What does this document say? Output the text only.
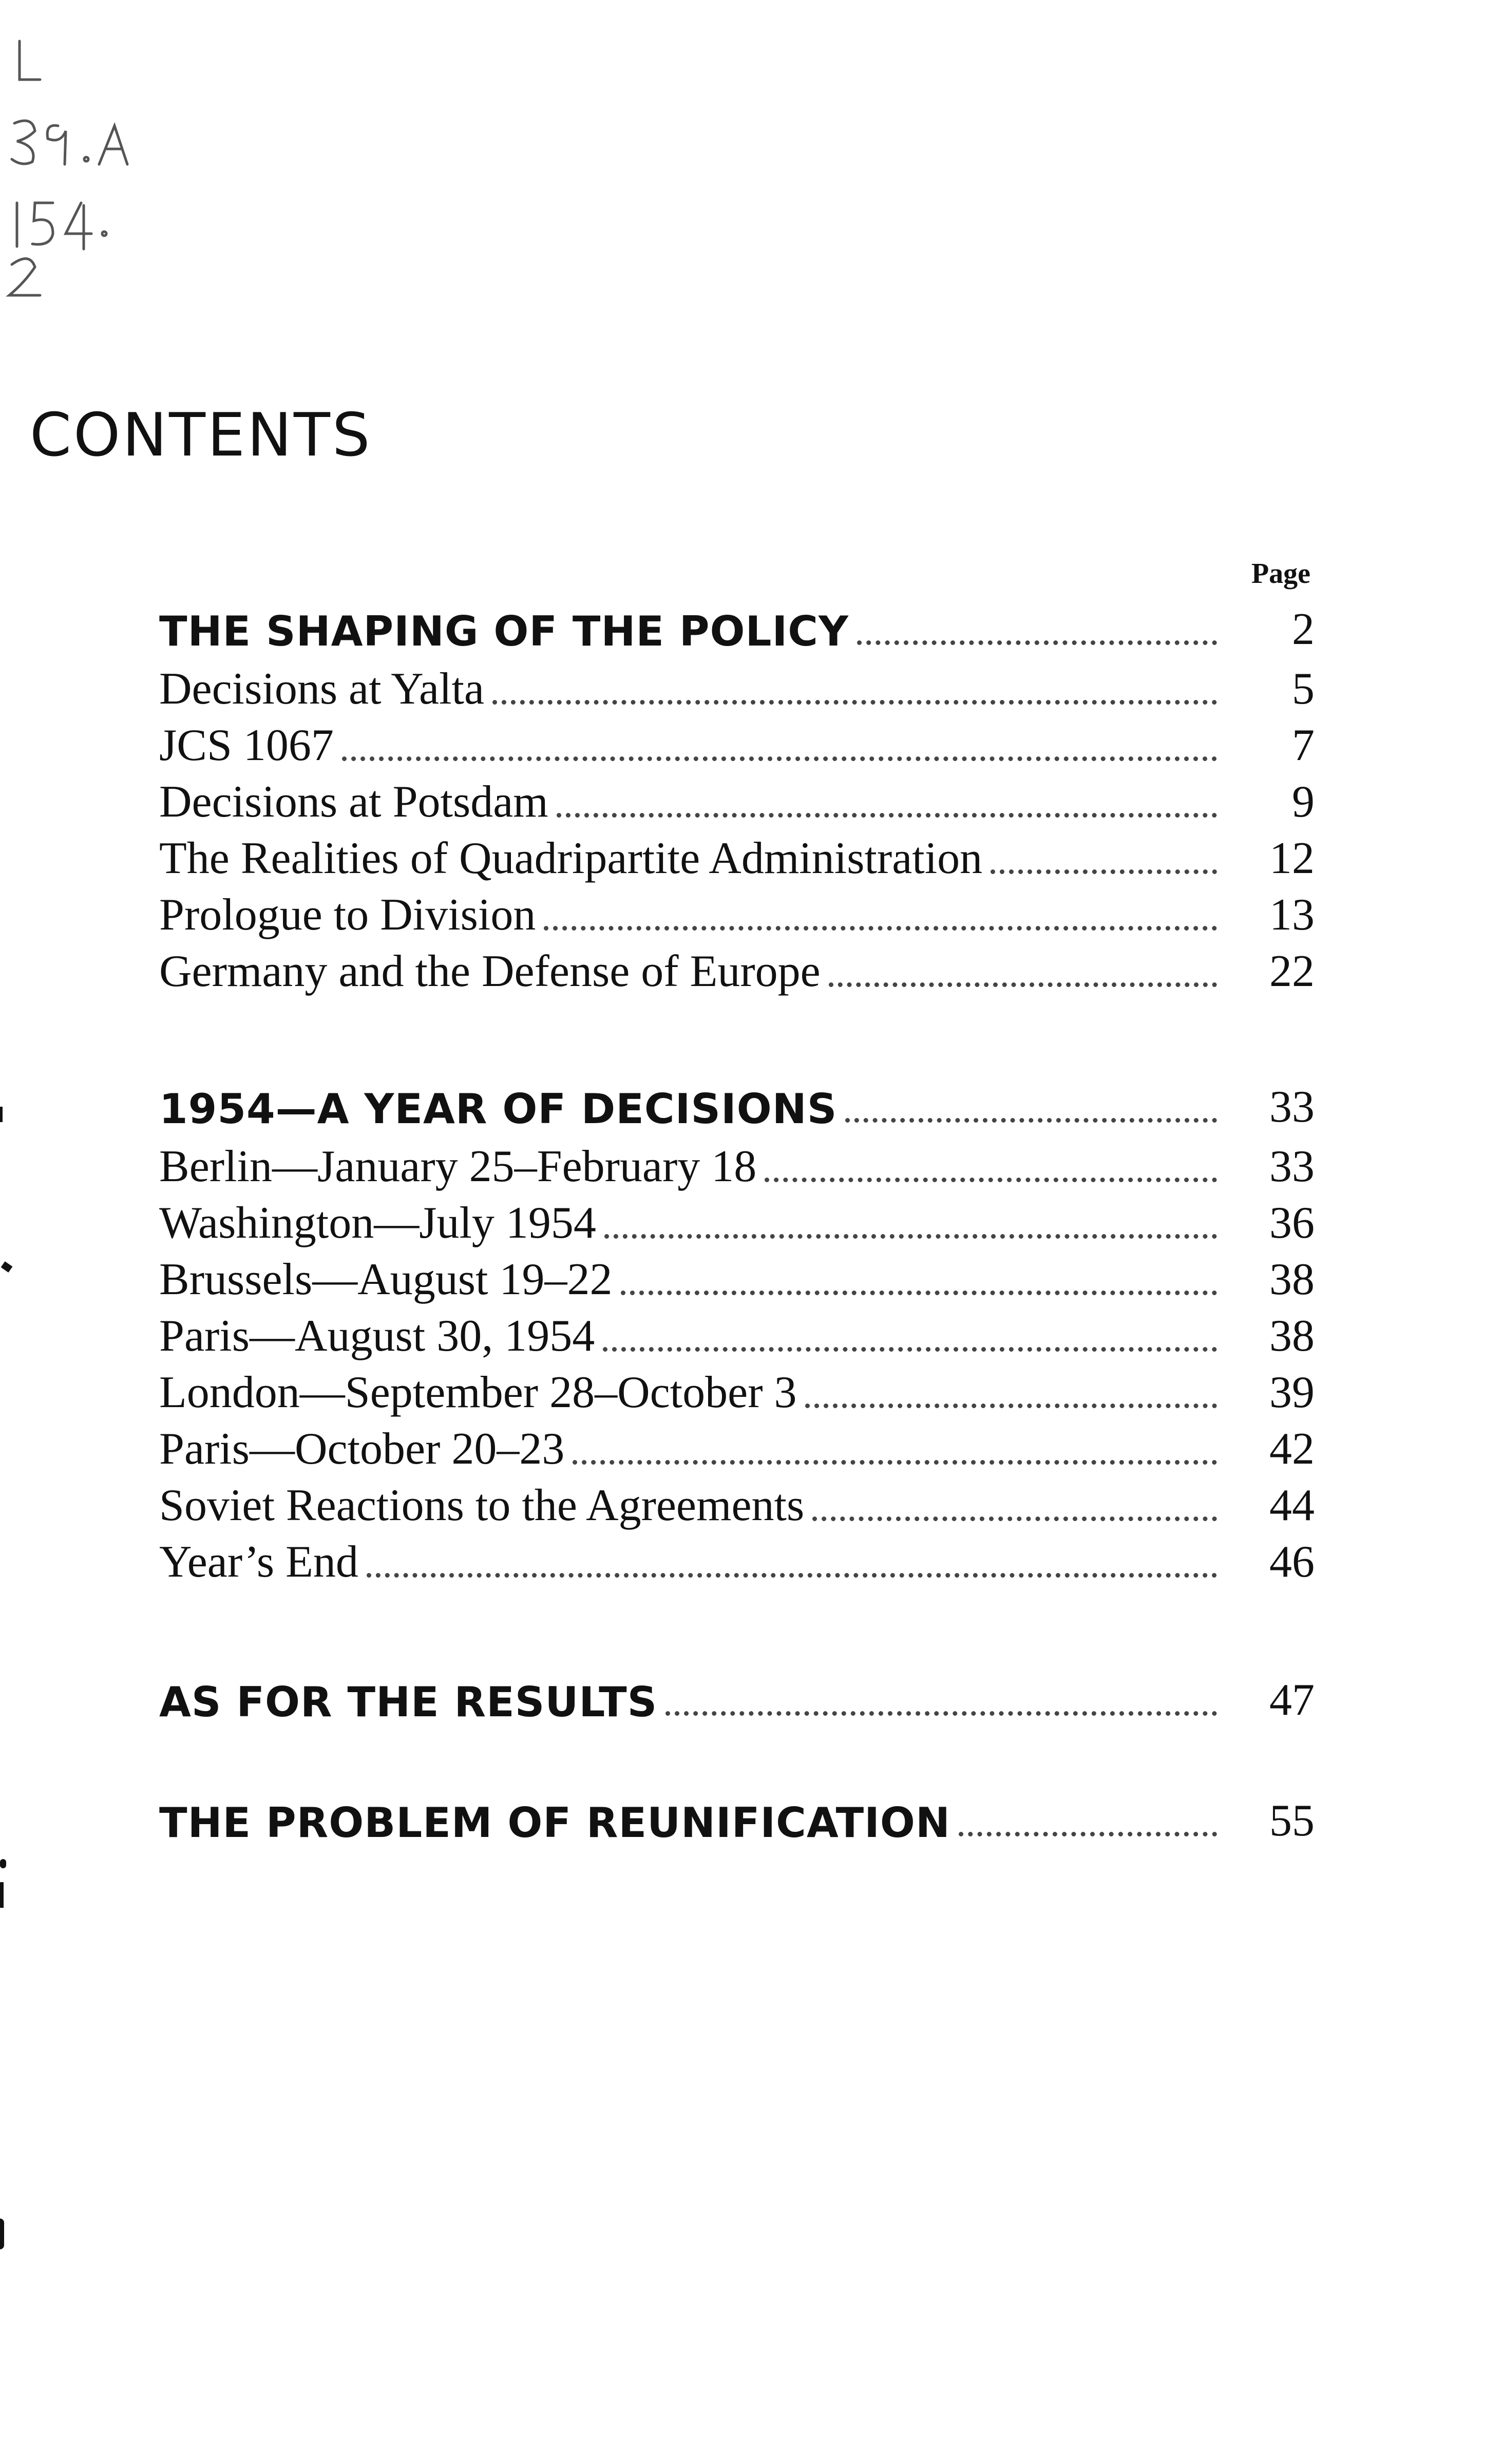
CONTENTS
Page
THE SHAPING OF THE POLICY	2
Decisions at Yalta	5
JCS 1067	7
Decisions at Potsdam	9
The Realities of Quadripartite Administration	12
Prologue to Division	13
Germany and the Defense of Europe	22
1954—A YEAR OF DECISIONS	33
Berlin—January 25–February 18	33
Washington—July 1954	36
Brussels—August 19–22	38
Paris—August 30, 1954	38
London—September 28–October 3	39
Paris—October 20–23	42
Soviet Reactions to the Agreements	44
Year’s End	46
AS FOR THE RESULTS	47
THE PROBLEM OF REUNIFICATION	55
